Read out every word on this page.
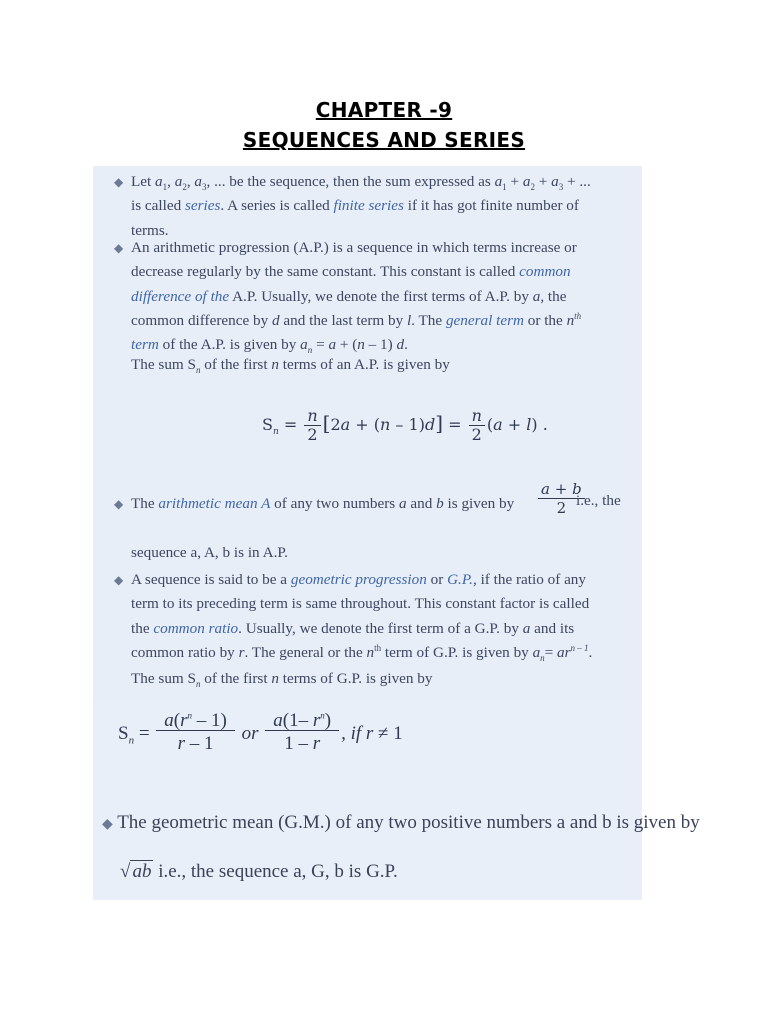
CHAPTER -9
SEQUENCES AND SERIES
◆ Let $a_1$, $a_2$, $a_3$, ... be the sequence, then the sum expressed as $a_1 + a_2 + a_3$ + ...
is called series. A series is called finite series if it has got finite number of
terms.
◆ An arithmetic progression (A.P.) is a sequence in which terms increase or
decrease regularly by the same constant. This constant is called common
difference of the A.P. Usually, we denote the first terms of A.P. by a, the
common difference by d and the last term by l. The general term or the $n^{th}$
term of the A.P. is given by $a_n = a + (n - 1)$ d.
The sum $S_n$ of the first n terms of an A.P. is given by
$S_n = \frac{n}{2} [2a + (n - 1)d] = \frac{n}{2} (a + l)$ .
◆ The arithmetic mean A of any two numbers a and b is given by	$\frac{a + b}{2}$
i.e., the
sequence a, A, b is in A.P.
◆ A sequence is said to be a geometric progression or G.P., if the ratio of any
term to its preceding term is same throughout. This constant factor is called
the common ratio. Usually, we denote the first term of a G.P. by a and its
common ratio by r. The general or the $n^{th}$ term of G.P. is given by $a_n= ar^{n - 1}$.
The sum $S_n$ of the first n terms of G.P. is given by
$S_n = \frac{a(r^n - 1)}{r - 1}$ or $\frac{a(1- r^n)}{1 - r}$ , if r ≠ 1
◆ The geometric mean (G.M.) of any two positive numbers a and b is given by
√ ab i.e., the sequence a, G, b is G.P.
